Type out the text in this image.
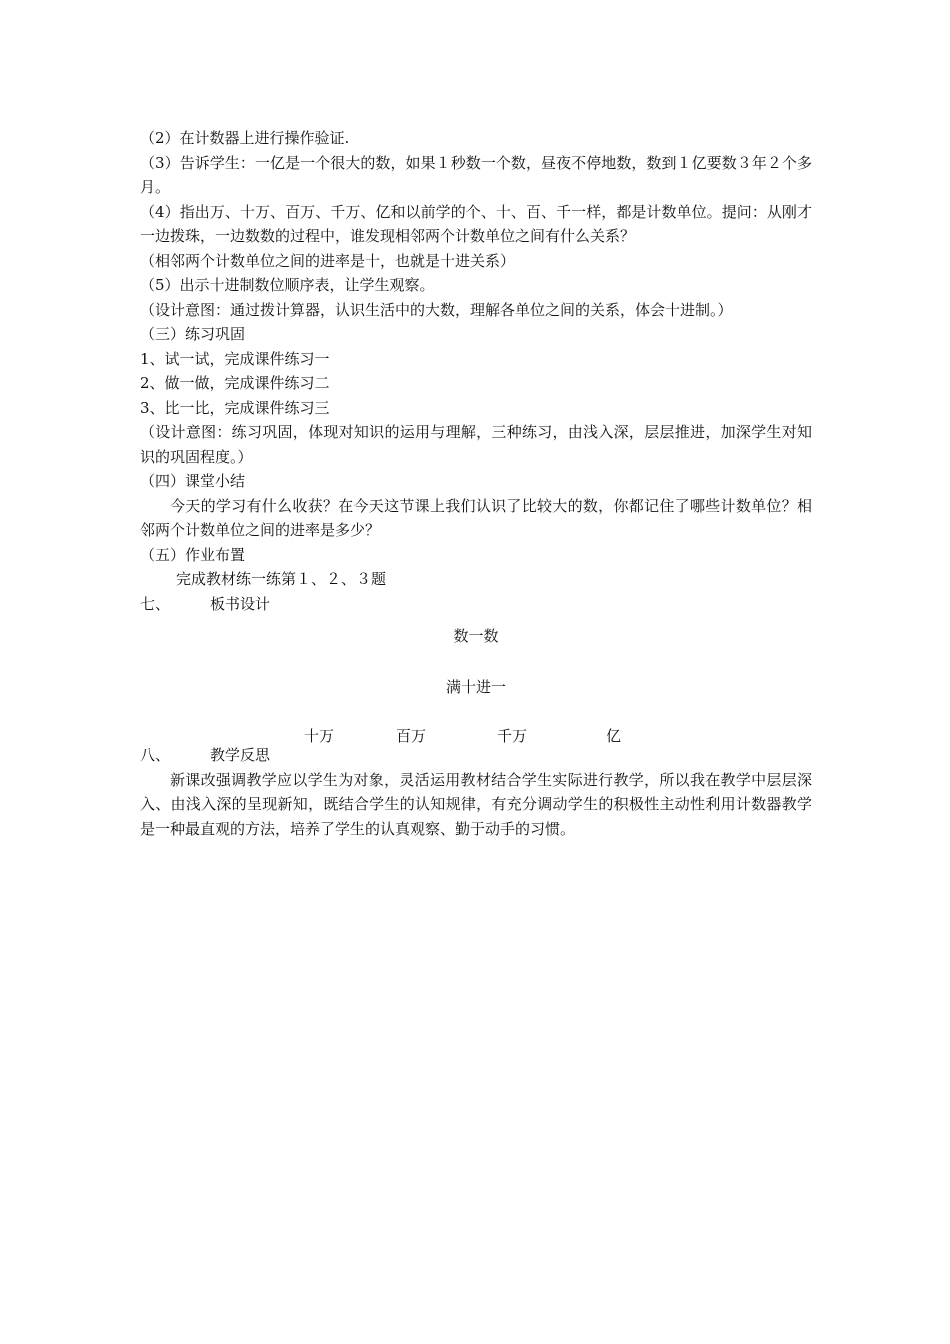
（2）在计数器上进行操作验证.

（3）告诉学生：一亿是一个很大的数，如果１秒数一个数，昼夜不停地数，数到１亿要数３年２个多月。

（4）指出万、十万、百万、千万、亿和以前学的个、十、百、千一样，都是计数单位。提问：从刚才一边拨珠，一边数数的过程中，谁发现相邻两个计数单位之间有什么关系？

（相邻两个计数单位之间的进率是十，也就是十进关系）

（5）出示十进制数位顺序表，让学生观察。

（设计意图：通过拨计算器，认识生活中的大数，理解各单位之间的关系，体会十进制。）

（三）练习巩固

1、试一试，完成课件练习一

2、做一做，完成课件练习二

3、比一比，完成课件练习三

（设计意图：练习巩固，体现对知识的运用与理解，三种练习，由浅入深，层层推进，加深学生对知识的巩固程度。）

（四）课堂小结

今天的学习有什么收获？在今天这节课上我们认识了比较大的数，你都记住了哪些计数单位？相邻两个计数单位之间的进率是多少？

（五）作业布置

完成教材练一练第１、２、３题

七、	板书设计
数一数
满十进一
十万	百万	千万	亿
八、	教学反思

新课改强调教学应以学生为对象，灵活运用教材结合学生实际进行教学，所以我在教学中层层深入、由浅入深的呈现新知，既结合学生的认知规律，有充分调动学生的积极性主动性利用计数器教学是一种最直观的方法，培养了学生的认真观察、勤于动手的习惯。
